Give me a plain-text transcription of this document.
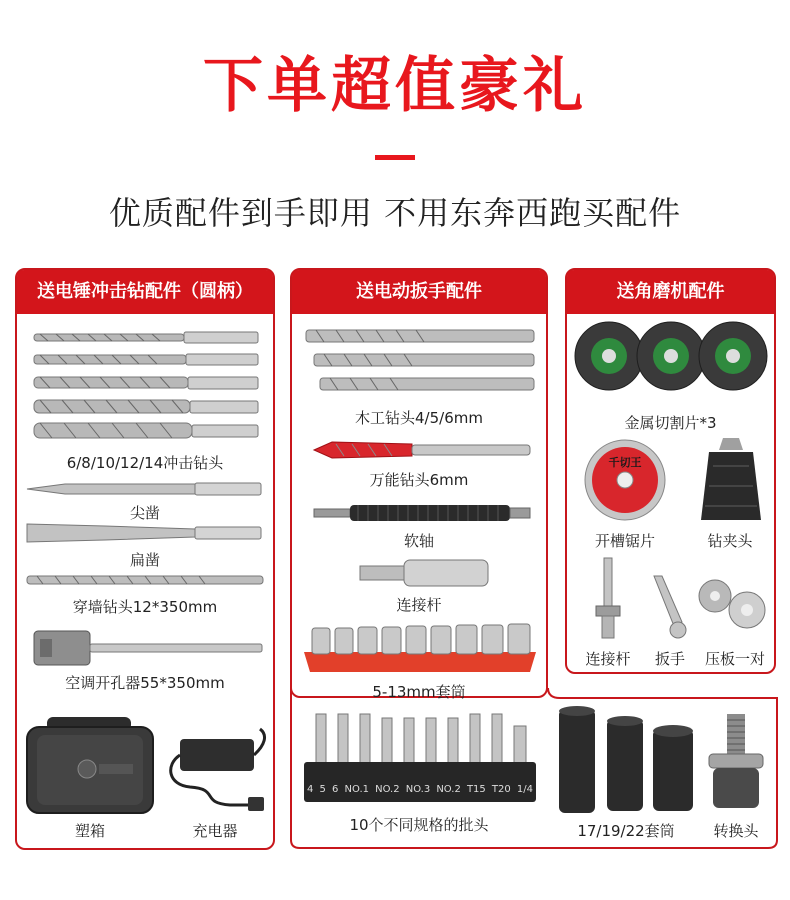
下单超值豪礼
优质配件到手即用 不用东奔西跑买配件
送电锤冲击钻配件（圆柄）
6/8/10/12/14冲击钻头
尖凿
扁凿
穿墙钻头12*350mm
空调开孔器55*350mm
塑箱	充电器
送电动扳手配件
木工钻头4/5/6mm
万能钻头6mm
软轴
连接杆
5-13mm套筒
4 5 6 NO.1 NO.2 NO.3 NO.2 T15 T20 1/4
10个不同规格的批头	17/19/22套筒	转换头
送角磨机配件
金属切割片*3
千切王
开槽锯片	钻夹头
连接杆	扳手	压板一对
